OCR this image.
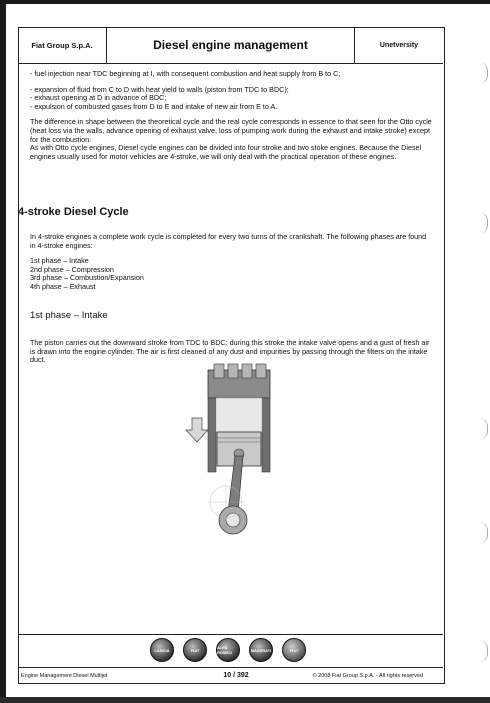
Fiat Group S.p.A.	Diesel engine management	Unetversity

- fuel injection near TDC beginning at I, with consequent combustion and heat supply from B to C;

- expansion of fluid from C to D with heat yield to walls (piston from TDC to BDC);
- exhaust opening at D in advance of BDC;
- expulsion of combusted gases from D to E and intake of new air from E to A.

The difference in shape between the theoretical cycle and the real cycle corresponds in essence to that seen for the Otto cycle (heat loss via the walls, advance opening of exhaust valve, loss of pumping work during the exhaust and intake stroke) except for the combustion.

As with Otto cycle engines, Diesel cycle engines can be divided into four stroke and two stoke engines. Because the Diesel engines usually used for motor vehicles are 4-stroke, we will only deal with the practical operation of these engines.

4-stroke Diesel Cycle

In 4-stroke engines a complete work cycle is completed for every two turns of the crankshaft. The following phases are found in 4-stroke engines:

1st phase – Intake
2nd phase – Compression
3rd phase – Combustion/Expansion
4th phase – Exhaust
1st phase – Intake

The piston carries out the downward stroke from TDC to BDC; during this stroke the intake valve opens and a gust of fresh air is drawn into the engine cylinder. The air is first cleaned of any dust and impurities by passing through the filters on the intake duct.

LANCIA	FIAT	ALFA ROMEO	MASERATI	FIAT
Engine Management Diesel Multijet	10 / 392	© 2008 Fiat Group S.p.A. - All rights reserved
